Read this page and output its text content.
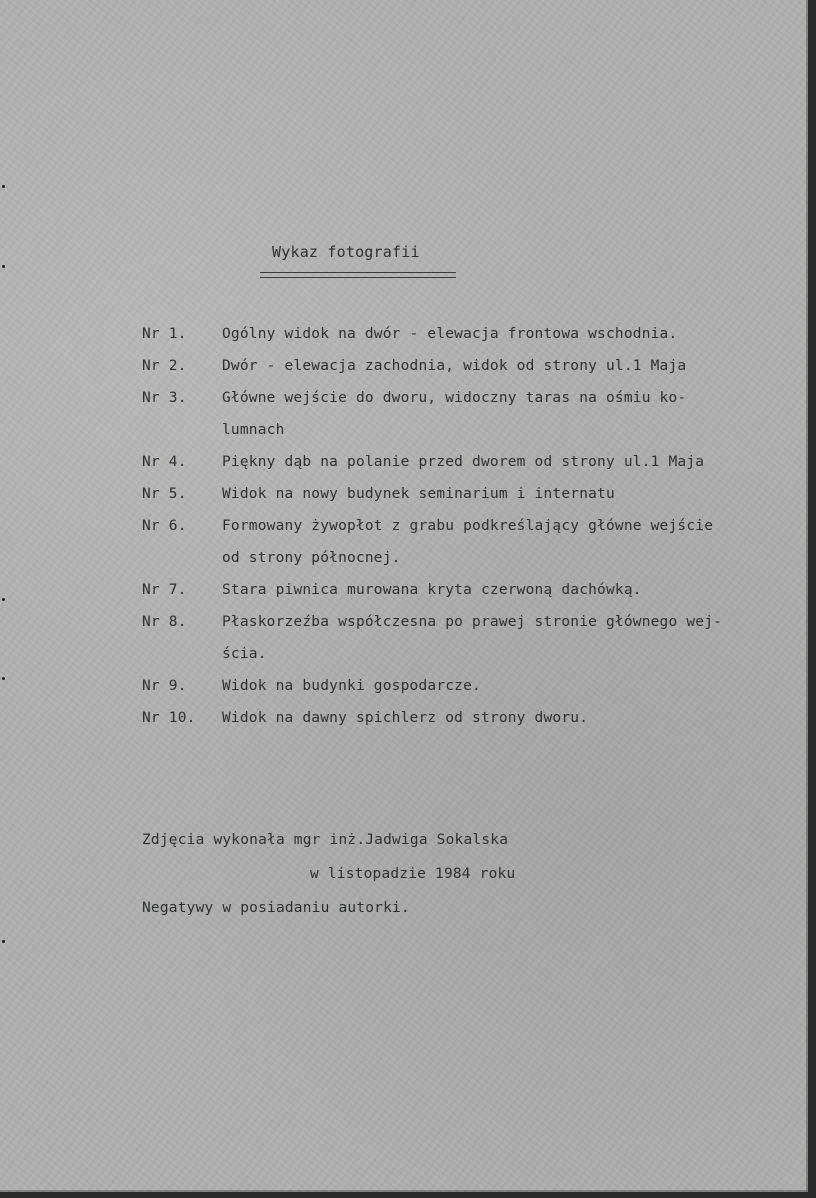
Wykaz fotografii
Nr 1.	Ogólny widok na dwór - elewacja frontowa wschodnia.
Nr 2.	Dwór - elewacja zachodnia, widok od strony ul.1 Maja
Nr 3.	Główne wejście do dworu, widoczny taras na ośmiu ko-
lumnach
Nr 4.	Piękny dąb na polanie przed dworem od strony ul.1 Maja
Nr 5.	Widok na nowy budynek seminarium i internatu
Nr 6.	Formowany żywopłot z grabu podkreślający główne wejście
od strony północnej.
Nr 7.	Stara piwnica murowana kryta czerwoną dachówką.
Nr 8.	Płaskorzeźba współczesna po prawej stronie głównego wej-
ścia.
Nr 9.	Widok na budynki gospodarcze.
Nr 10.	Widok na dawny spichlerz od strony dworu.
Zdjęcia wykonała mgr inż.Jadwiga Sokalska
w listopadzie 1984 roku
Negatywy w posiadaniu autorki.
